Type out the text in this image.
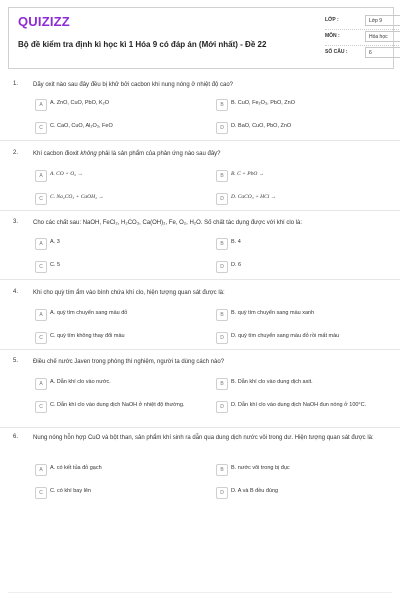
QUIZIZZ
Bộ đề kiểm tra định kì học kì 1 Hóa 9 có đáp án (Mới nhất) - Đề 22
LỚP :	Lớp 9
MÔN :	Hóa học
SỐ CÂU :	6
1. Dãy oxit nào sau đây đều bị khử bởi cacbon khi nung nóng ở nhiệt độ cao?
A	A. ZnO, CuO, PbO, K₂O	B	B. CuO, Fe₂O₃, PbO, ZnO
C	C. CaO, CuO, Al₂O₃, FeO	D	D. BaO, CuO, PbO, ZnO
2. Khí cacbon đioxit không phải là sản phẩm của phản ứng nào sau đây?
A	A. CO + O₂ →	B	B. C + PbO →
C	C. Na₂CO₃ + CaOH₂ →	D	D. CaCO₃ + HCl →
3. Cho các chất sau: NaOH, FeCl₂, H₂CO₃, Ca(OH)₂, Fe, O₂, H₂O. Số chất tác dụng được với khí clo là:
A	A. 3	B	B. 4
C	C. 5	D	D. 6
4. Khi cho quỳ tím ẩm vào bình chứa khí clo, hiện tượng quan sát được là:
A	A. quỳ tím chuyển sang màu đỏ	B	B. quỳ tím chuyển sang màu xanh
C	C. quỳ tím không thay đổi màu	D	D. quỳ tím chuyển sang màu đỏ rồi mất màu
5. Điều chế nước Javen trong phòng thí nghiệm, người ta dùng cách nào?
A	A. Dẫn khí clo vào nước.	B	B. Dẫn khí clo vào dung dịch axit.
C	C. Dẫn khí clo vào dung dịch NaOH ở nhiệt độ thường.	D	D. Dẫn khí clo vào dung dịch NaOH đun nóng ở 100°C.
6. Nung nóng hỗn hợp CuO và bột than, sản phẩm khí sinh ra dẫn qua dung dịch nước vôi trong dư. Hiện tượng quan sát được là:
A	A. có kết tủa đỏ gạch	B	B. nước vôi trong bị đục
C	C. có khí bay lên	D	D. A và B đều đúng
